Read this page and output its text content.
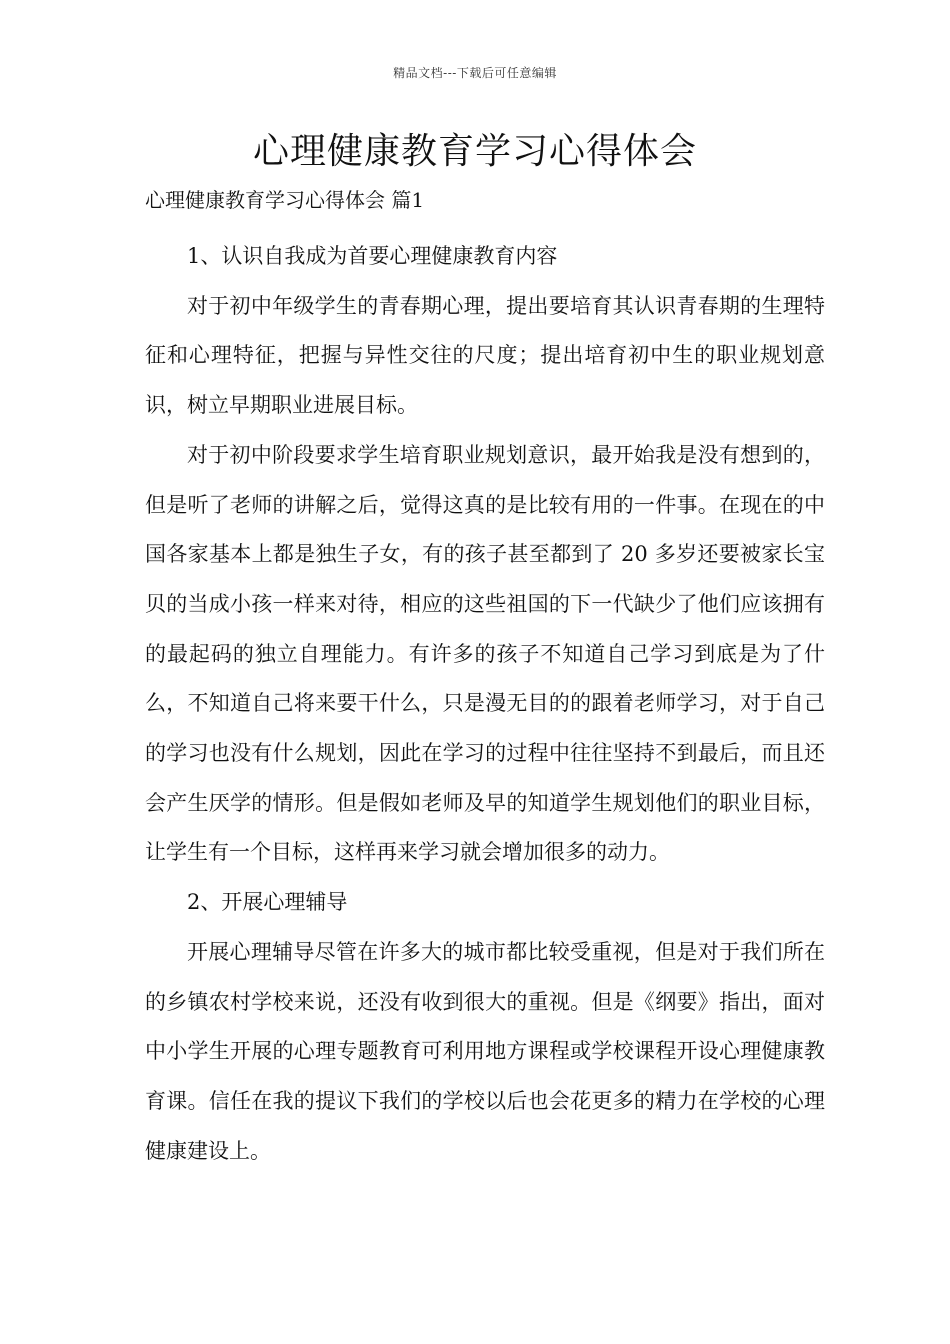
精品文档---下载后可任意编辑
心理健康教育学习心得体会
心理健康教育学习心得体会 篇1

1、认识自我成为首要心理健康教育内容

对于初中年级学生的青春期心理，提出要培育其认识青春期的生理特征和心理特征，把握与异性交往的尺度；提出培育初中生的职业规划意识，树立早期职业进展目标。

对于初中阶段要求学生培育职业规划意识，最开始我是没有想到的，但是听了老师的讲解之后，觉得这真的是比较有用的一件事。在现在的中国各家基本上都是独生子女，有的孩子甚至都到了 20 多岁还要被家长宝贝的当成小孩一样来对待，相应的这些祖国的下一代缺少了他们应该拥有的最起码的独立自理能力。有许多的孩子不知道自己学习到底是为了什么，不知道自己将来要干什么，只是漫无目的的跟着老师学习，对于自己的学习也没有什么规划，因此在学习的过程中往往坚持不到最后，而且还会产生厌学的情形。但是假如老师及早的知道学生规划他们的职业目标，让学生有一个目标，这样再来学习就会增加很多的动力。

2、开展心理辅导

开展心理辅导尽管在许多大的城市都比较受重视，但是对于我们所在的乡镇农村学校来说，还没有收到很大的重视。但是《纲要》指出，面对中小学生开展的心理专题教育可利用地方课程或学校课程开设心理健康教育课。信任在我的提议下我们的学校以后也会花更多的精力在学校的心理健康建设上。
